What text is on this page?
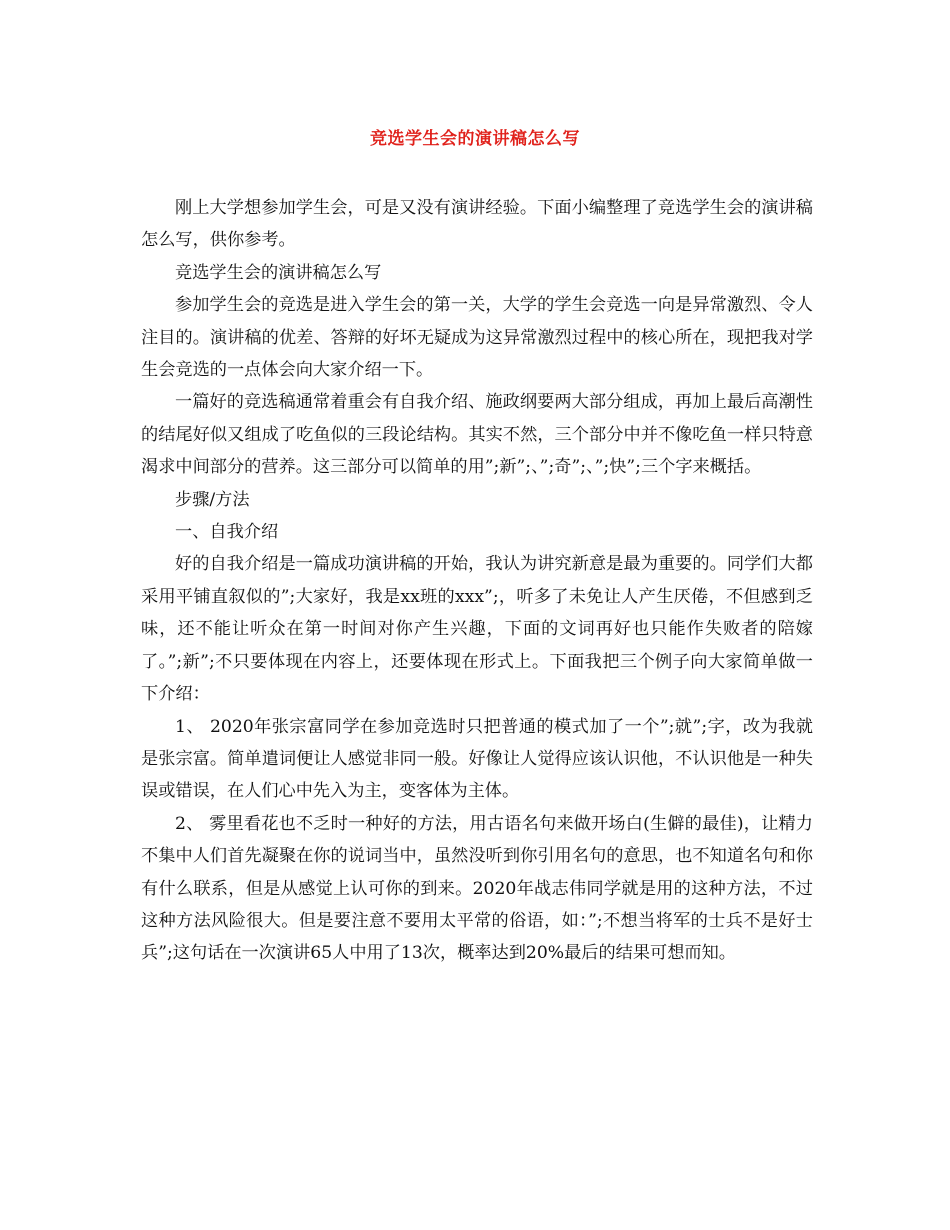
竞选学生会的演讲稿怎么写

刚上大学想参加学生会，可是又没有演讲经验。下面小编整理了竞选学生会的演讲稿怎么写，供你参考。

竞选学生会的演讲稿怎么写

参加学生会的竞选是进入学生会的第一关，大学的学生会竞选一向是异常激烈、令人注目的。演讲稿的优差、答辩的好坏无疑成为这异常激烈过程中的核心所在，现把我对学生会竞选的一点体会向大家介绍一下。

一篇好的竞选稿通常着重会有自我介绍、施政纲要两大部分组成，再加上最后高潮性的结尾好似又组成了吃鱼似的三段论结构。其实不然，三个部分中并不像吃鱼一样只特意渴求中间部分的营养。这三部分可以简单的用”;新”;、”;奇”;、”;快”;三个字来概括。

步骤/方法

一、自我介绍

好的自我介绍是一篇成功演讲稿的开始，我认为讲究新意是最为重要的。同学们大都采用平铺直叙似的”;大家好，我是xx班的xxx”;，听多了未免让人产生厌倦，不但感到乏味，还不能让听众在第一时间对你产生兴趣，下面的文词再好也只能作失败者的陪嫁了。”;新”;不只要体现在内容上，还要体现在形式上。下面我把三个例子向大家简单做一下介绍：

1、 2020年张宗富同学在参加竞选时只把普通的模式加了一个”;就”;字，改为我就是张宗富。简单遣词便让人感觉非同一般。好像让人觉得应该认识他，不认识他是一种失误或错误，在人们心中先入为主，变客体为主体。

2、 雾里看花也不乏时一种好的方法，用古语名句来做开场白(生僻的最佳)，让精力不集中人们首先凝聚在你的说词当中，虽然没听到你引用名句的意思，也不知道名句和你有什么联系，但是从感觉上认可你的到来。2020年战志伟同学就是用的这种方法，不过这种方法风险很大。但是要注意不要用太平常的俗语，如：”;不想当将军的士兵不是好士兵”;这句话在一次演讲65人中用了13次，概率达到20%最后的结果可想而知。
